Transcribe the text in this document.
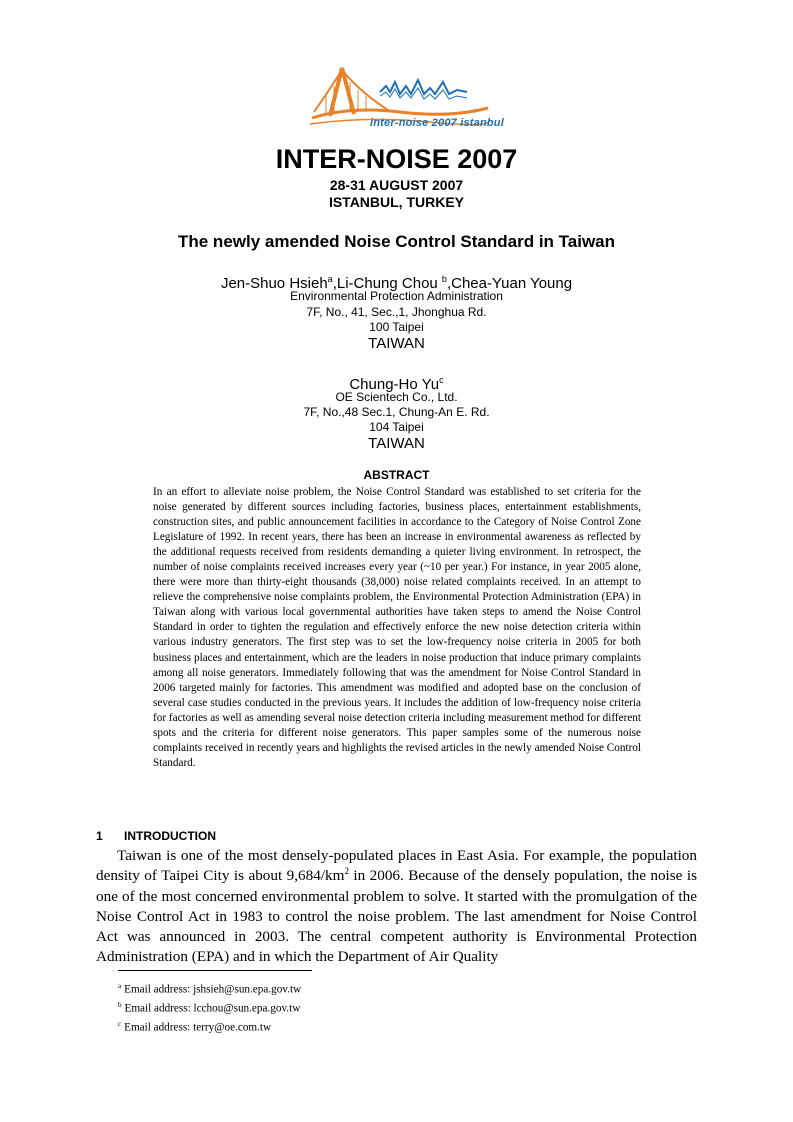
inter-noise 2007 istanbul
INTER-NOISE 2007
28-31 AUGUST 2007
ISTANBUL, TURKEY
The newly amended Noise Control Standard in Taiwan
Jen-Shuo Hsieh$^a$,Li-Chung Chou $^b$,Chea-Yuan Young
Environmental Protection Administration
7F, No., 41, Sec.,1, Jhonghua Rd.
100 Taipei
TAIWAN
Chung-Ho Yu$^c$
OE Scientech Co., Ltd.
7F, No.,48 Sec.1, Chung-An E. Rd.
104 Taipei
TAIWAN
ABSTRACT

In an effort to alleviate noise problem, the Noise Control Standard was established to set criteria for the noise generated by different sources including factories, business places, entertainment establishments, construction sites, and public announcement facilities in accordance to the Category of Noise Control Zone Legislature of 1992. In recent years, there has been an increase in environmental awareness as reflected by the additional requests received from residents demanding a quieter living environment. In retrospect, the number of noise complaints received increases every year (~10 per year.) For instance, in year 2005 alone, there were more than thirty-eight thousands (38,000) noise related complaints received. In an attempt to relieve the comprehensive noise complaints problem, the Environmental Protection Administration (EPA) in Taiwan along with various local governmental authorities have taken steps to amend the Noise Control Standard in order to tighten the regulation and effectively enforce the new noise detection criteria within various industry generators. The first step was to set the low-frequency noise criteria in 2005 for both business places and entertainment, which are the leaders in noise production that induce primary complaints among all noise generators. Immediately following that was the amendment for Noise Control Standard in 2006 targeted mainly for factories. This amendment was modified and adopted base on the conclusion of several case studies conducted in the previous years. It includes the addition of low-frequency noise criteria for factories as well as amending several noise detection criteria including measurement method for different spots and the criteria for different noise generators. This paper samples some of the numerous noise complaints received in recently years and highlights the revised articles in the newly amended Noise Control Standard.

1 INTRODUCTION

Taiwan is one of the most densely-populated places in East Asia. For example, the population density of Taipei City is about $9,684/km^2$ in 2006. Because of the densely population, the noise is one of the most concerned environmental problem to solve. It started with the promulgation of the Noise Control Act in 1983 to control the noise problem. The last amendment for Noise Control Act was announced in 2003. The central competent authority is Environmental Protection Administration (EPA) and in which the Department of Air Quality

$^a$ Email address: jshsieh@sun.epa.gov.tw
$^b$ Email address: lcchou@sun.epa.gov.tw
$^c$ Email address: terry@oe.com.tw
